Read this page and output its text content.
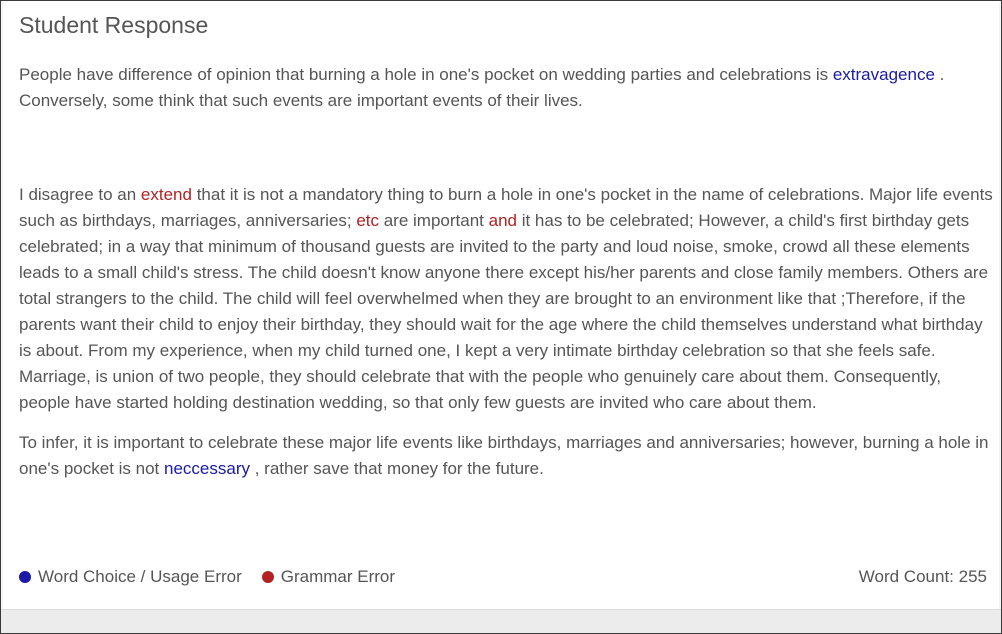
Student Response

People have difference of opinion that burning a hole in one's pocket on wedding parties and celebrations is extravagence . Conversely, some think that such events are important events of their lives.

I disagree to an extend that it is not a mandatory thing to burn a hole in one's pocket in the name of celebrations. Major life events such as birthdays, marriages, anniversaries; etc are important and it has to be celebrated; However, a child's first birthday gets celebrated; in a way that minimum of thousand guests are invited to the party and loud noise, smoke, crowd all these elements leads to a small child's stress. The child doesn't know anyone there except his/her parents and close family members. Others are total strangers to the child. The child will feel overwhelmed when they are brought to an environment like that ;Therefore, if the parents want their child to enjoy their birthday, they should wait for the age where the child themselves understand what birthday is about. From my experience, when my child turned one, I kept a very intimate birthday celebration so that she feels safe. Marriage, is union of two people, they should celebrate that with the people who genuinely care about them. Consequently, people have started holding destination wedding, so that only few guests are invited who care about them.

To infer, it is important to celebrate these major life events like birthdays, marriages and anniversaries; however, burning a hole in one's pocket is not neccessary , rather save that money for the future.

Word Choice / Usage Error Grammar Error	Word Count: 255
